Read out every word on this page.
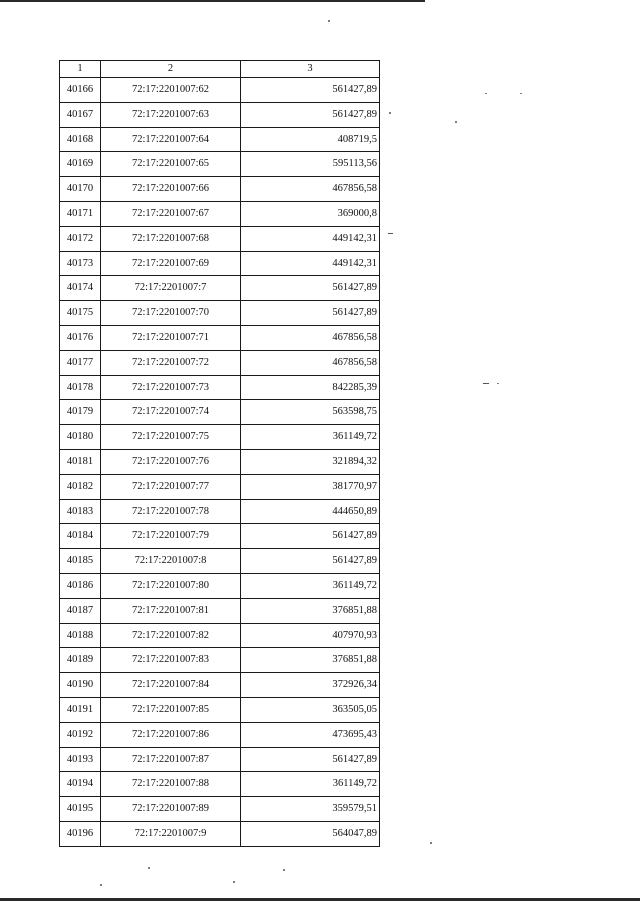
1	2	3
40166	72:17:2201007:62	561427,89
40167	72:17:2201007:63	561427,89
40168	72:17:2201007:64	408719,5
40169	72:17:2201007:65	595113,56
40170	72:17:2201007:66	467856,58
40171	72:17:2201007:67	369000,8
40172	72:17:2201007:68	449142,31
40173	72:17:2201007:69	449142,31
40174	72:17:2201007:7	561427,89
40175	72:17:2201007:70	561427,89
40176	72:17:2201007:71	467856,58
40177	72:17:2201007:72	467856,58
40178	72:17:2201007:73	842285,39
40179	72:17:2201007:74	563598,75
40180	72:17:2201007:75	361149,72
40181	72:17:2201007:76	321894,32
40182	72:17:2201007:77	381770,97
40183	72:17:2201007:78	444650,89
40184	72:17:2201007:79	561427,89
40185	72:17:2201007:8	561427,89
40186	72:17:2201007:80	361149,72
40187	72:17:2201007:81	376851,88
40188	72:17:2201007:82	407970,93
40189	72:17:2201007:83	376851,88
40190	72:17:2201007:84	372926,34
40191	72:17:2201007:85	363505,05
40192	72:17:2201007:86	473695,43
40193	72:17:2201007:87	561427,89
40194	72:17:2201007:88	361149,72
40195	72:17:2201007:89	359579,51
40196	72:17:2201007:9	564047,89
